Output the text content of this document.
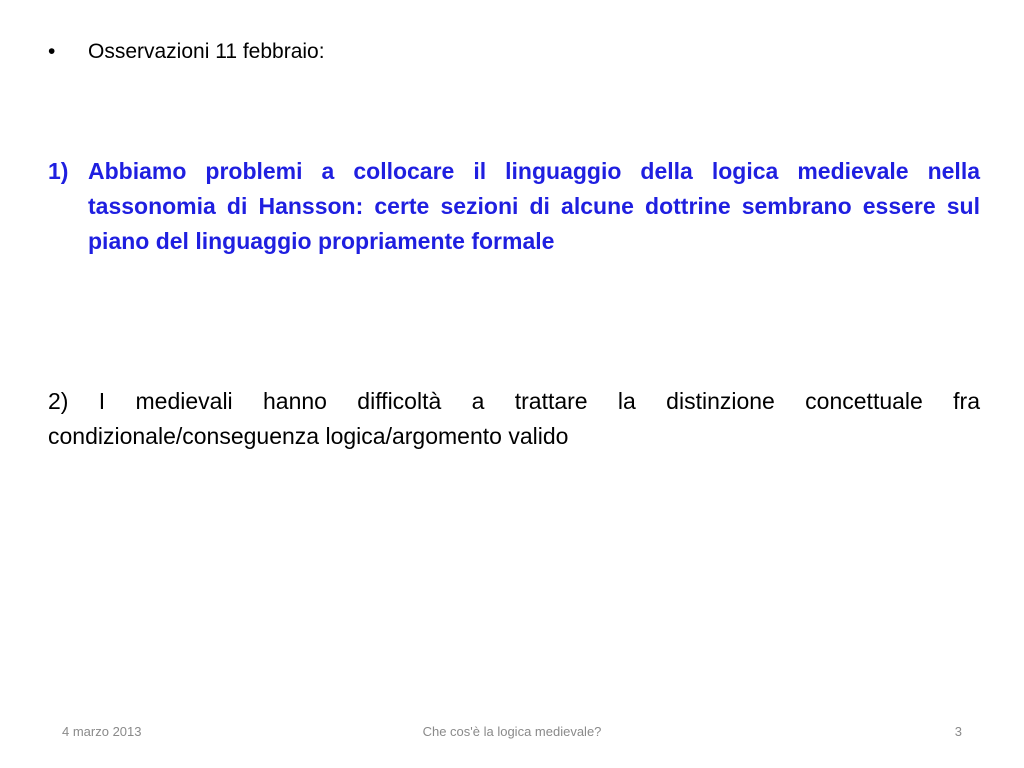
•	Osservazioni 11 febbraio:
1) Abbiamo problemi a collocare il linguaggio della logica medievale nella tassonomia di Hansson: certe sezioni di alcune dottrine sembrano essere sul piano del linguaggio propriamente formale
2) I medievali hanno difficoltà a trattare la distinzione concettuale fra condizionale/conseguenza logica/argomento valido
4 marzo 2013	Che cos'è la logica medievale?	3
